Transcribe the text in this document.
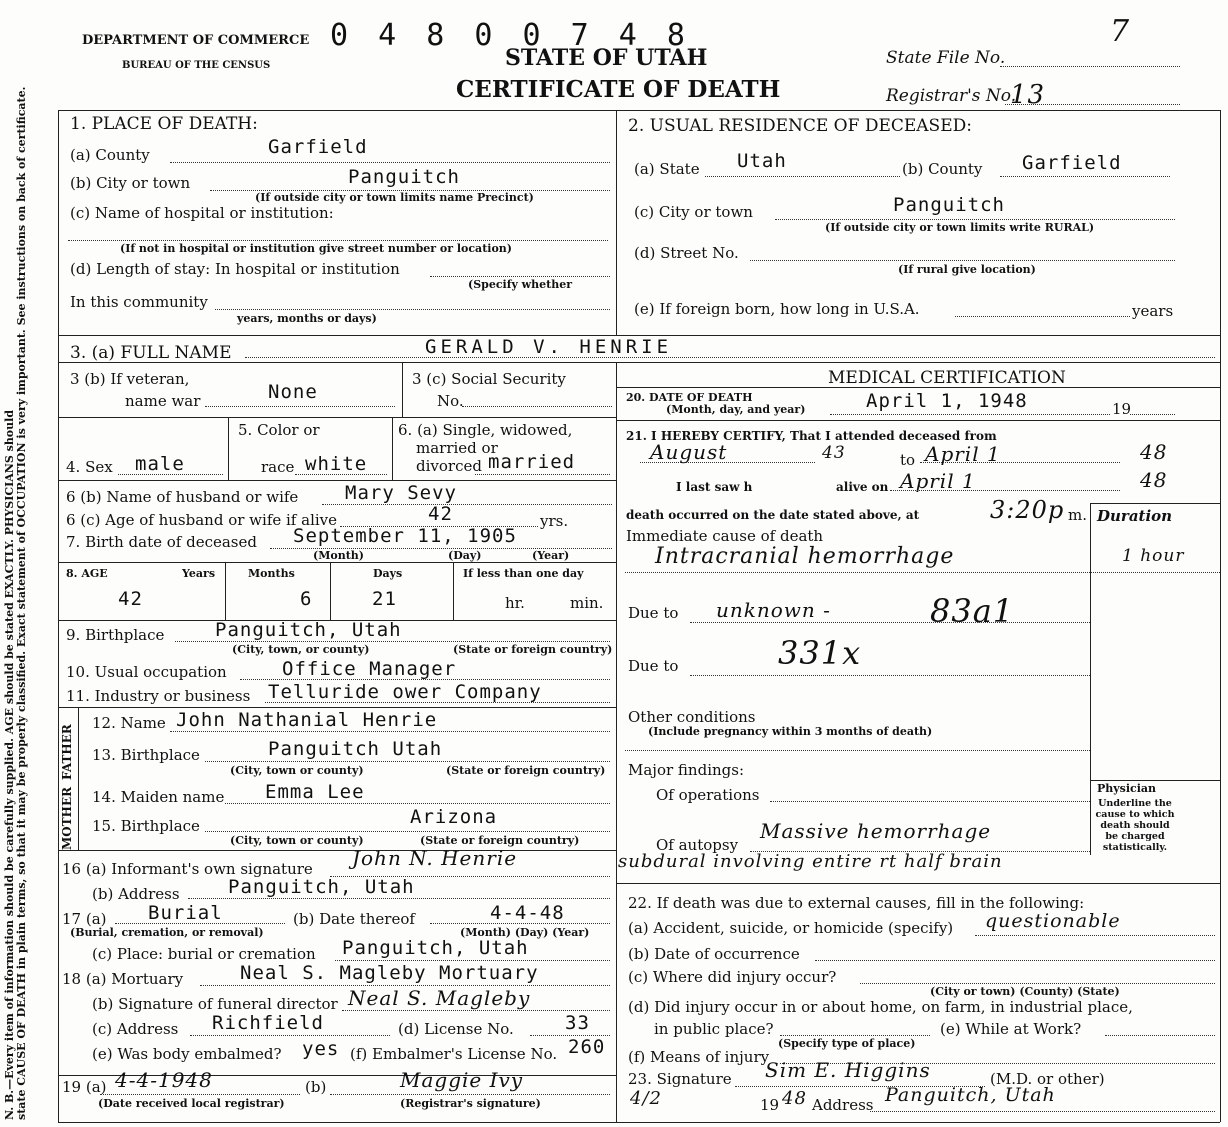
N. B.—Every item of information should be carefully supplied. AGE should be stated EXACTLY. PHYSICIANS should
state CAUSE OF DEATH in plain terms, so that it may be properly classified. Exact statement of OCCUPATION is very important. See instructions on back of certificate.
DEPARTMENT OF COMMERCE
BUREAU OF THE CENSUS
0 4 8 0 0 7 4 8
STATE OF UTAH
CERTIFICATE OF DEATH
State File No.
7
Registrar's No.
13
1. PLACE OF DEATH:
(a) County	Garfield
(b) City or town	Panguitch
(If outside city or town limits name Precinct)
(c) Name of hospital or institution:
(If not in hospital or institution give street number or location)
(d) Length of stay: In hospital or institution
(Specify whether
In this community
years, months or days)
2. USUAL RESIDENCE OF DECEASED:
(a) State Utah	(b) County Garfield
(c) City or town	Panguitch
(If outside city or town limits write RURAL)
(d) Street No.
(If rural give location)
(e) If foreign born, how long in U.S.A.	years
3. (a) FULL NAME	GERALD V. HENRIE
3 (b) If veteran,
name war	None
3 (c) Social Security
No.
4. Sex male
5. Color or
race white
6. (a) Single, widowed,
married or
divorced married
6 (b) Name of husband or wife Mary Sevy
6 (c) Age of husband or wife if alive	42	yrs.
7. Birth date of deceased September 11, 1905
(Month)	(Day)	(Year)
8. AGE	Years	Months	Days	If less than one day
42	6	21	hr.	min.
9. Birthplace	Panguitch, Utah
(City, town, or county)	(State or foreign country)
10. Usual occupation	Office Manager
11. Industry or business Telluride ower Company
FATHER
MOTHER
12. Name John Nathanial Henrie
13. Birthplace	Panguitch Utah
(City, town or county)	(State or foreign country)
14. Maiden name Emma Lee
15. Birthplace	Arizona
(City, town or county)	(State or foreign country)
16 (a) Informant's own signature John N. Henrie
(b) Address	Panguitch, Utah
17 (a) Burial	(b) Date thereof	4-4-48
(Burial, cremation, or removal)	(Month) (Day) (Year)
(c) Place: burial or cremation Panguitch, Utah
18 (a) Mortuary	Neal S. Magleby Mortuary
(b) Signature of funeral director Neal S. Magleby
(c) Address Richfield	(d) License No.	33
(e) Was body embalmed? yes (f) Embalmer's License No. 260
19 (a) 4-4-1948	(b)	Maggie Ivy
(Date received local registrar)	(Registrar's signature)
MEDICAL CERTIFICATION
20. DATE OF DEATH
(Month, day, and year)	April 1, 1948	19
21. I HEREBY CERTIFY, That I attended deceased from
August	43	to April 1	48
I last saw h	alive on April 1	48
death occurred on the date stated above, at	3:20p m. Duration
Immediate cause of death
Intracranial hemorrhage	1 hour
Due to unknown -	83a1
Due to	331x
Other conditions
(Include pregnancy within 3 months of death)
Major findings:
Of operations	Physician
Underline the cause to which death should be charged statistically.
Of autopsy
Massive hemorrhage
subdural involving entire rt half brain
22. If death was due to external causes, fill in the following:
(a) Accident, suicide, or homicide (specify) questionable
(b) Date of occurrence
(c) Where did injury occur?
(City or town) (County) (State)
(d) Did injury occur in or about home, on farm, in industrial place,
in public place?	(e) While at Work?
(Specify type of place)
(f) Means of injury
23. Signature Sim E. Higgins	(M.D. or other)
4/2	19 48 Address Panguitch, Utah
